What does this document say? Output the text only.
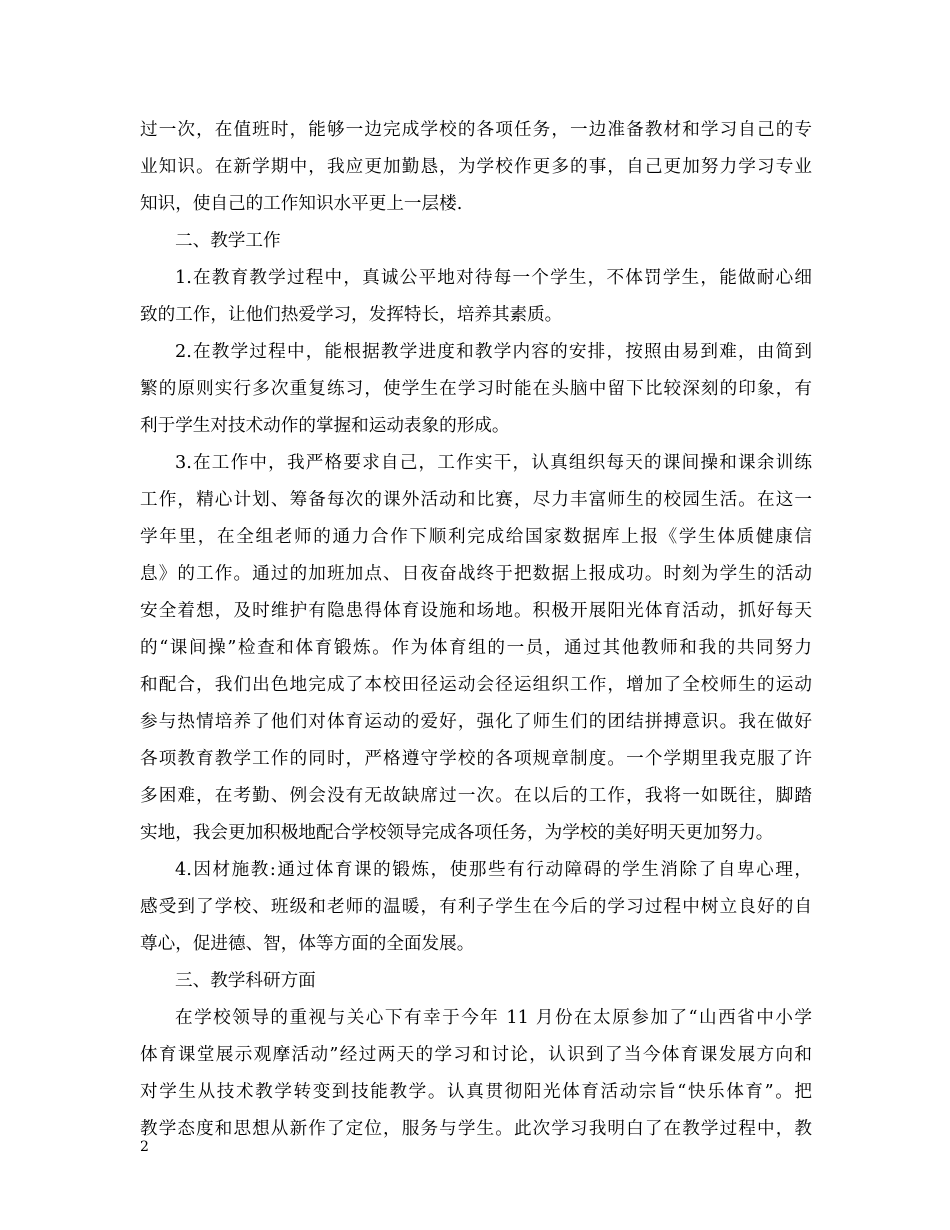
过一次，在值班时，能够一边完成学校的各项任务，一边准备教材和学习自己的专
业知识。在新学期中，我应更加勤恳，为学校作更多的事，自己更加努力学习专业
知识，使自己的工作知识水平更上一层楼.
二、教学工作
1.在教育教学过程中，真诚公平地对待每一个学生，不体罚学生，能做耐心细
致的工作，让他们热爱学习，发挥特长，培养其素质。
2.在教学过程中，能根据教学进度和教学内容的安排，按照由易到难，由简到
繁的原则实行多次重复练习，使学生在学习时能在头脑中留下比较深刻的印象，有
利于学生对技术动作的掌握和运动表象的形成。
3.在工作中，我严格要求自己，工作实干，认真组织每天的课间操和课余训练
工作，精心计划、筹备每次的课外活动和比赛，尽力丰富师生的校园生活。在这一
学年里，在全组老师的通力合作下顺利完成给国家数据库上报《学生体质健康信
息》的工作。通过的加班加点、日夜奋战终于把数据上报成功。时刻为学生的活动
安全着想，及时维护有隐患得体育设施和场地。积极开展阳光体育活动，抓好每天
的“课间操”检查和体育锻炼。作为体育组的一员，通过其他教师和我的共同努力
和配合，我们出色地完成了本校田径运动会径运组织工作，增加了全校师生的运动
参与热情培养了他们对体育运动的爱好，强化了师生们的团结拼搏意识。我在做好
各项教育教学工作的同时，严格遵守学校的各项规章制度。一个学期里我克服了许
多困难，在考勤、例会没有无故缺席过一次。在以后的工作，我将一如既往，脚踏
实地，我会更加积极地配合学校领导完成各项任务，为学校的美好明天更加努力。
4.因材施教:通过体育课的锻炼，使那些有行动障碍的学生消除了自卑心理，
感受到了学校、班级和老师的温暖，有利子学生在今后的学习过程中树立良好的自
尊心，促进德、智，体等方面的全面发展。
三、教学科研方面
在学校领导的重视与关心下有幸于今年 11 月份在太原参加了“山西省中小学
体育课堂展示观摩活动”经过两天的学习和讨论，认识到了当今体育课发展方向和
对学生从技术教学转变到技能教学。认真贯彻阳光体育活动宗旨“快乐体育”。把
教学态度和思想从新作了定位，服务与学生。此次学习我明白了在教学过程中，教
2
